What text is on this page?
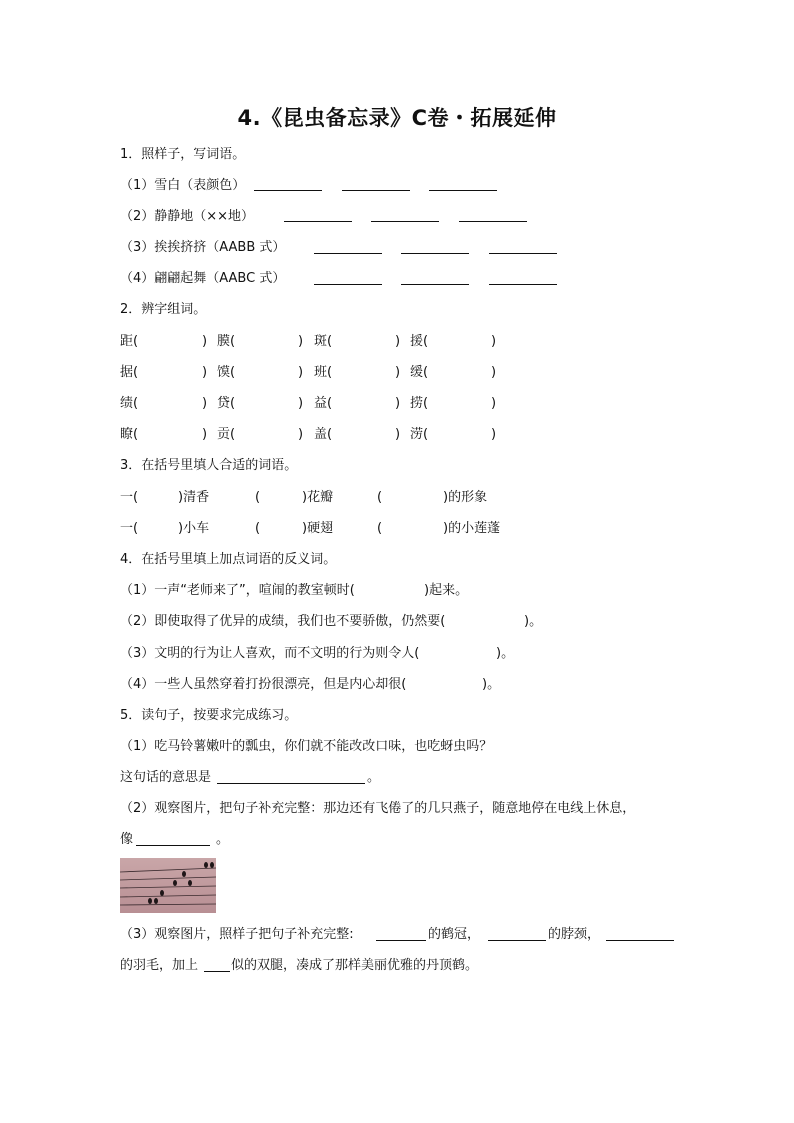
4.《昆虫备忘录》C卷・拓展延伸
1．照样子，写词语。
（1）雪白（表颜色）
（2）静静地（××地）
（3）挨挨挤挤（AABB 式）
（4）翩翩起舞（AABC 式）
2．辨字组词。
距(	) 膜(	) 斑(	) 援(	)
据(	) 馍(	) 班(	) 缓(	)
绩(	) 贷(	) 益(	) 捞(	)
瞭(	) 贡(	) 盖(	) 涝(	)
3．在括号里填人合适的词语。
一(	)清香	(	)花瓣	(	)的形象
一(	)小车	(	)硬翅	(	)的小莲蓬
4．在括号里填上加点词语的反义词。
（1）一声“老师来了”，喧闹的教室顿时(	)起来。
（2）即使取得了优异的成绩，我们也不要骄傲，仍然要(	)。
（3）文明的行为让人喜欢，而不文明的行为则令人(	)。
（4）一些人虽然穿着打扮很漂亮，但是内心却很(	)。
5．读句子，按要求完成练习。
（1）吃马铃薯嫩叶的瓢虫，你们就不能改改口味，也吃蚜虫吗？
这句话的意思是	。
（2）观察图片，把句子补充完整：那边还有飞倦了的几只燕子，随意地停在电线上休息，
像	。
（3）观察图片，照样子把句子补充完整:	的鹤冠，	的脖颈，
的羽毛，加上	似的双腿，凑成了那样美丽优雅的丹顶鹤。
